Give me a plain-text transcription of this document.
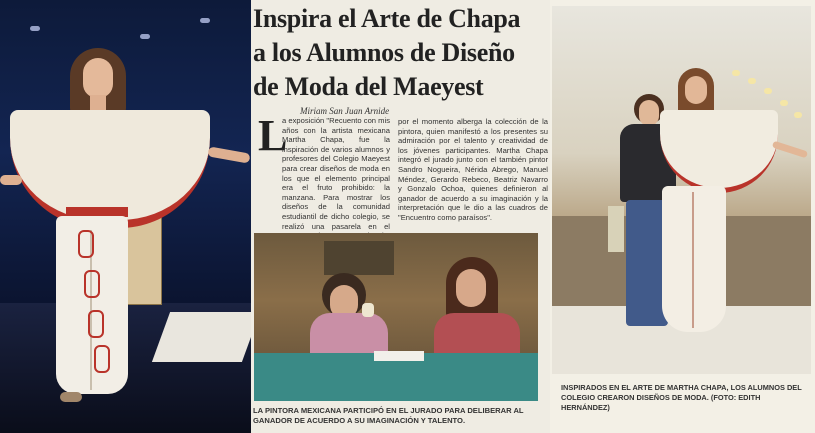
Inspira el Arte de Chapa
a los Alumnos de Diseño
de Moda del Maeyest
Miriam San Juan Arnide
L
a exposición "Recuento con mis años con la artista mexicana Martha Chapa, fue la inspiración de varios alumnos y profesores del Colegio Maeyest para crear diseños de moda en los que el elemento principal era el fruto prohibido: la manzana. Para mostrar los diseños de la comunidad estudiantil de dicho colegio, se realizó una pasarela en el
por el momento alberga la colección de la pintora, quien manifestó a los presentes su admiración por el talento y creatividad de los jóvenes participantes. Martha Chapa integró el jurado junto con el también pintor Sandro Nogueira, Nérida Abrego, Manuel Méndez, Gerardo Rebeco, Beatriz Navarro y Gonzalo Ochoa, quienes definieron al ganador de acuerdo a su imaginación y la interpretación que le dio a las cuadros de "Encuentro como paraísos".
LA PINTORA MEXICANA PARTICIPÓ EN EL JURADO PARA DELIBERAR AL GANADOR DE ACUERDO A SU IMAGINACIÓN Y TALENTO.
INSPIRADOS EN EL ARTE DE MARTHA CHAPA, LOS ALUMNOS DEL COLEGIO CREARON DISEÑOS DE MODA. (FOTO: EDITH HERNÁNDEZ)
